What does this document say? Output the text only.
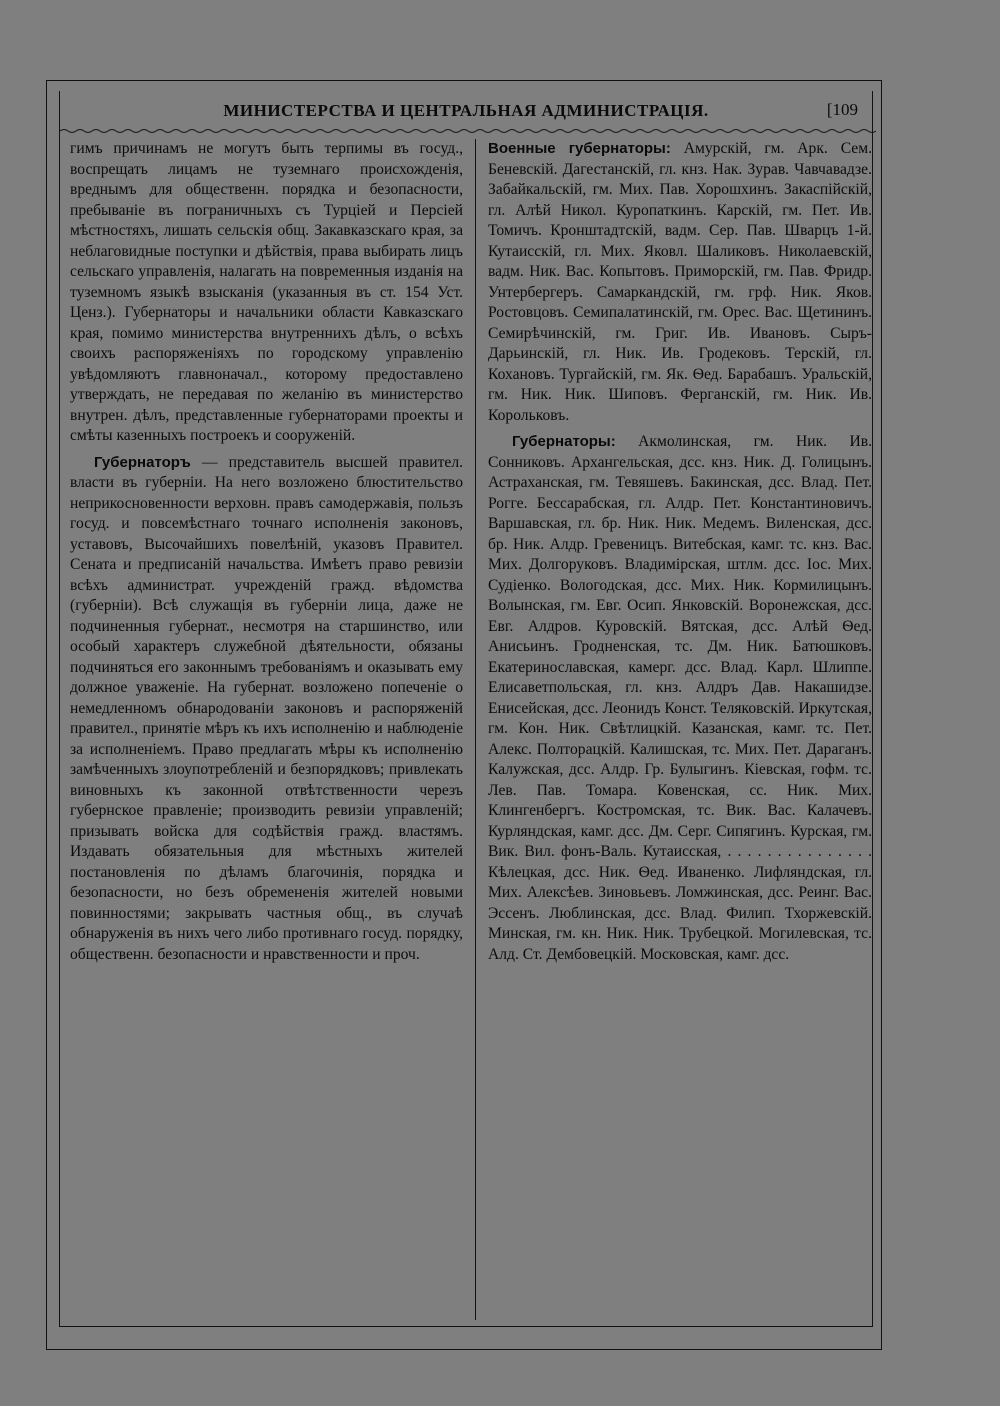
МИНИСТЕРСТВА И ЦЕНТРАЛЬНАЯ АДМИНИСТРАЦІЯ.	[109

гимъ причинамъ не могутъ быть терпимы въ госуд., воспрещать лицамъ не туземнаго происхожденія, вреднымъ для общественн. порядка и безопасности, пребываніе въ пограничныхъ съ Турціей и Персіей мѣстностяхъ, лишать сельскія общ. Закавказскаго края, за неблаговидные поступки и дѣйствія, права выбирать лицъ сельскаго управленія, налагать на повременныя изданія на туземномъ языкѣ взысканія (указанныя въ ст. 154 Уст. Ценз.). Губернаторы и начальники области Кавказскаго края, помимо министерства внутреннихъ дѣлъ, о всѣхъ своихъ распоряженіяхъ по городскому управленію увѣдомляютъ главноначал., которому предоставлено утверждать, не передавая по желанію въ министерство внутрен. дѣлъ, представленные губернаторами проекты и смѣты казенныхъ построекъ и сооруженій.

Губернаторъ — представитель высшей правител. власти въ губерніи. На него возложено блюстительство неприкосновенности верховн. правъ самодержавія, пользъ госуд. и повсемѣстнаго точнаго исполненія законовъ, уставовъ, Высочайшихъ повелѣній, указовъ Правител. Сената и предписаній начальства. Имѣетъ право ревизіи всѣхъ администрат. учрежденій гражд. вѣдомства (губерніи). Всѣ служащія въ губерніи лица, даже не подчиненныя губернат., несмотря на старшинство, или особый характеръ служебной дѣятельности, обязаны подчиняться его законнымъ требованіямъ и оказывать ему должное уваженіе. На губернат. возложено попеченіе о немедленномъ обнародованіи законовъ и распоряженій правител., принятіе мѣръ къ ихъ исполненію и наблюденіе за исполненіемъ. Право предлагать мѣры къ исполненію замѣченныхъ злоупотребленій и безпорядковъ; привлекать виновныхъ къ законной отвѣтственности черезъ губернское правленіе; производить ревизіи управленій; призывать войска для содѣйствія гражд. властямъ. Издавать обязательныя для мѣстныхъ жителей постановленія по дѣламъ благочинія, порядка и безопасности, но безъ обремененія жителей новыми повинностями; закрывать частныя общ., въ случаѣ обнаруженія въ нихъ чего либо противнаго госуд. порядку, общественн. безопасности и нравственности и проч.

Военные губернаторы: Амурскій, гм. Арк. Сем. Беневскій. Дагестанскій, гл. кнз. Нак. Зурав. Чавчавадзе. Забайкальскій, гм. Мих. Пав. Хорошхинъ. Закаспійскій, гл. Алѣй Никол. Куропаткинъ. Карскій, гм. Пет. Ив. Томичъ. Кронштадтскій, вадм. Сер. Пав. Шварцъ 1-й. Кутаисскій, гл. Мих. Яковл. Шаликовъ. Николаевскій, вадм. Ник. Вас. Копытовъ. Приморскій, гм. Пав. Фридр. Унтербергеръ. Самаркандскій, гм. грф. Ник. Яков. Ростовцовъ. Семипалатинскій, гм. Орес. Вас. Щетининъ. Семирѣчинскій, гм. Григ. Ив. Ивановъ. Сыръ-Дарьинскій, гл. Ник. Ив. Гродековъ. Терскій, гл. Кохановъ. Тургайскій, гм. Як. Ѳед. Барабашъ. Уральскій, гм. Ник. Ник. Шиповъ. Ферганскій, гм. Ник. Ив. Корольковъ.

Губернаторы: Акмолинская, гм. Ник. Ив. Сонниковъ. Архангельская, дсс. кнз. Ник. Д. Голицынъ. Астраханская, гм. Тевяшевъ. Бакинская, дсс. Влад. Пет. Рогге. Бессарабская, гл. Алдр. Пет. Константиновичъ. Варшавская, гл. бр. Ник. Ник. Медемъ. Виленская, дсс. бр. Ник. Алдр. Гревеницъ. Витебская, камг. тс. кнз. Вас. Мих. Долгоруковъ. Владимірская, штлм. дсс. Іос. Мих. Судіенко. Вологодская, дсс. Мих. Ник. Кормилицынъ. Волынская, гм. Евг. Осип. Янковскій. Воронежская, дсс. Евг. Алдров. Куровскій. Вятская, дсс. Алѣй Ѳед. Анисьинъ. Гродненская, тс. Дм. Ник. Батюшковъ. Екатеринославская, камерг. дсс. Влад. Карл. Шлиппе. Елисаветпольская, гл. кнз. Алдръ Дав. Накашидзе. Енисейская, дсс. Леонидъ Конст. Теляковскій. Иркутская, гм. Кон. Ник. Свѣтлицкій. Казанская, камг. тс. Пет. Алекс. Полторацкій. Калишская, тс. Мих. Пет. Дараганъ. Калужская, дсс. Алдр. Гр. Булыгинъ. Кіевская, гофм. тс. Лев. Пав. Томара. Ковенская, сс. Ник. Мих. Клингенбергъ. Костромская, тс. Вик. Вас. Калачевъ. Курляндская, камг. дсс. Дм. Серг. Сипягинъ. Курская, гм. Вик. Вил. фонъ-Валь. Кутаисская, . . . . . . . . . . . . . . . Кѣлецкая, дсс. Ник. Ѳед. Иваненко. Лифляндская, гл. Мих. Алексѣев. Зиновьевъ. Ломжинская, дсс. Реинг. Вас. Эссенъ. Люблинская, дсс. Влад. Филип. Тхоржевскій. Минская, гм. кн. Ник. Ник. Трубецкой. Могилевская, тс. Алд. Ст. Дембовецкій. Московская, камг. дсс.
